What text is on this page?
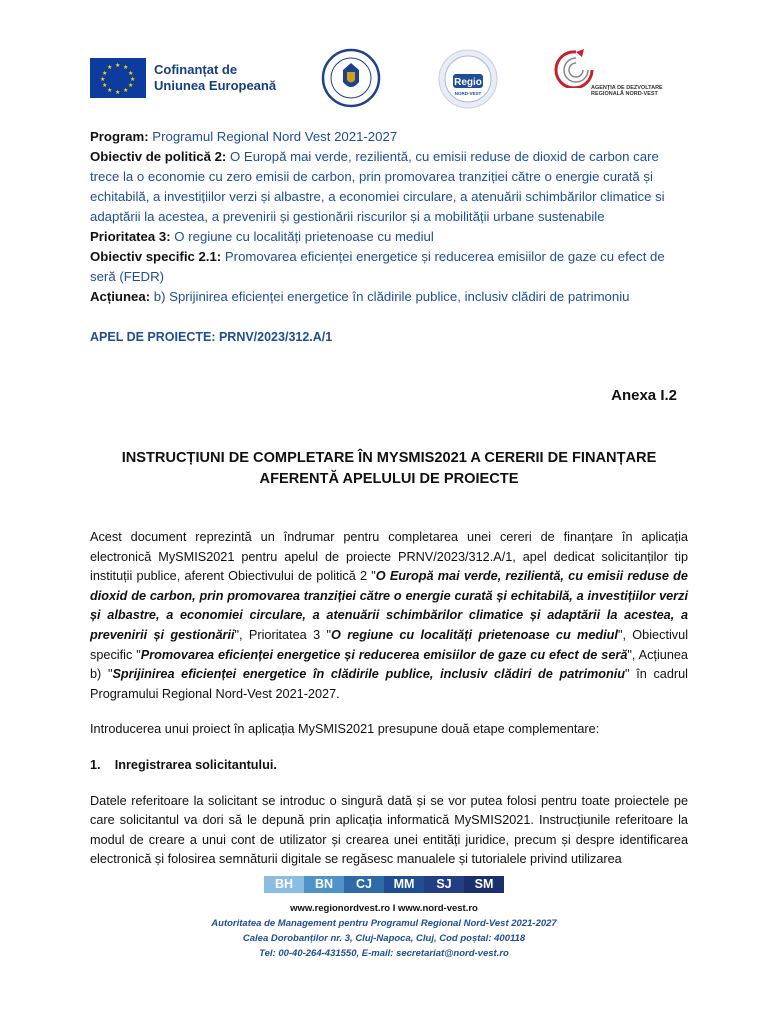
★ ★
★
★
★
★
★
★
★
★
★
★	Cofinanțat de
Uniunea Europeană	Regio
NORD-VEST
AGENȚIA DE DEZVOLTARE REGIONALĂ NORD-VEST

Program: Programul Regional Nord Vest 2021-2027

Obiectiv de politică 2: O Europă mai verde, rezilientă, cu emisii reduse de dioxid de carbon care trece la o economie cu zero emisii de carbon, prin promovarea tranziției către o energie curată și echitabilă, a investițiilor verzi și albastre, a economiei circulare, a atenuării schimbărilor climatice si adaptării la acestea, a prevenirii și gestionării riscurilor și a mobilității urbane sustenabile

Prioritatea 3: O regiune cu localități prietenoase cu mediul

Obiectiv specific 2.1: Promovarea eficienței energetice și reducerea emisiilor de gaze cu efect de seră (FEDR)

Acțiunea: b) Sprijinirea eficienței energetice în clădirile publice, inclusiv clădiri de patrimoniu

APEL DE PROIECTE: PRNV/2023/312.A/1
Anexa I.2
INSTRUCȚIUNI DE COMPLETARE ÎN MYSMIS2021 A CERERII DE FINANȚARE
AFERENTĂ APELULUI DE PROIECTE

Acest document reprezintă un îndrumar pentru completarea unei cereri de finanțare în aplicația electronică MySMIS2021 pentru apelul de proiecte PRNV/2023/312.A/1, apel dedicat solicitanților tip instituții publice, aferent Obiectivului de politică 2 "O Europă mai verde, rezilientă, cu emisii reduse de dioxid de carbon, prin promovarea tranziției către o energie curată și echitabilă, a investițiilor verzi și albastre, a economiei circulare, a atenuării schimbărilor climatice și adaptării la acestea, a prevenirii și gestionării", Prioritatea 3 "O regiune cu localități prietenoase cu mediul", Obiectivul specific "Promovarea eficienței energetice și reducerea emisiilor de gaze cu efect de seră", Acțiunea b) "Sprijinirea eficienței energetice în clădirile publice, inclusiv clădiri de patrimoniu" în cadrul Programului Regional Nord-Vest 2021-2027.

Introducerea unui proiect în aplicația MySMIS2021 presupune două etape complementare:

1. Inregistrarea solicitantului.

Datele referitoare la solicitant se introduc o singură dată și se vor putea folosi pentru toate proiectele pe care solicitantul va dori să le depună prin aplicația informatică MySMIS2021. Instrucțiunile referitoare la modul de creare a unui cont de utilizator și crearea unei entități juridice, precum și despre identificarea electronică și folosirea semnăturii digitale se regăsesc manualele și tutorialele privind utilizarea

BH	BN	CJ	MM	SJ	SM

www.regionordvest.ro I www.nord-vest.ro

Autoritatea de Management pentru Programul Regional Nord-Vest 2021-2027

Calea Dorobanților nr. 3, Cluj-Napoca, Cluj, Cod poștal: 400118

Tel: 00-40-264-431550, E-mail: secretariat@nord-vest.ro
